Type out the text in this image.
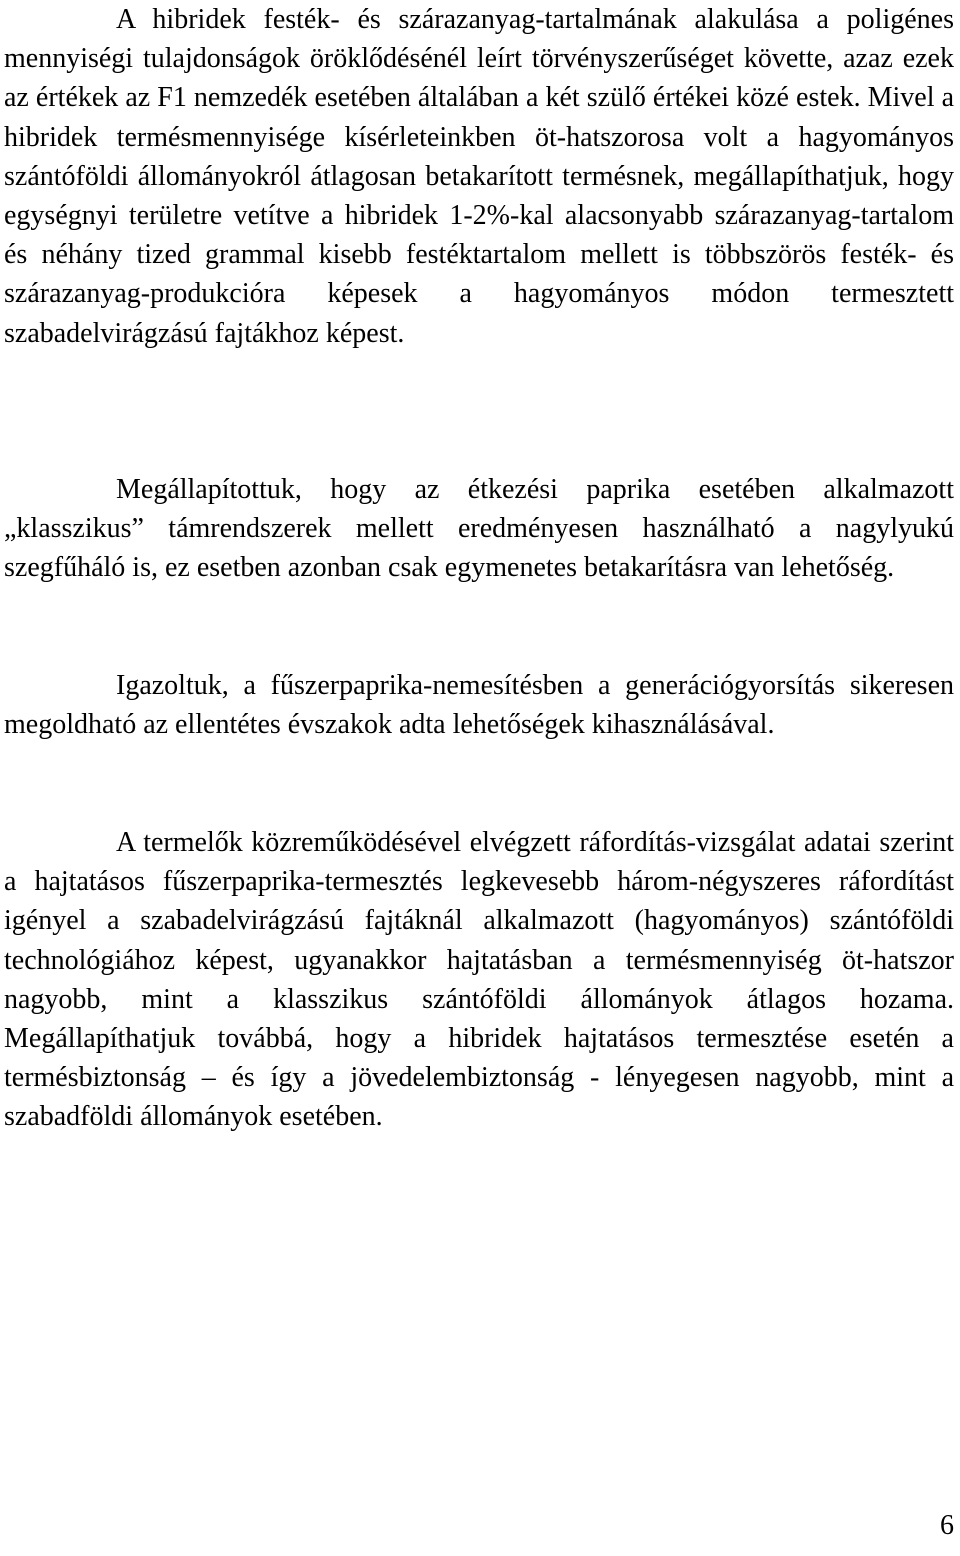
A hibridek festék- és szárazanyag-tartalmának alakulása a poligénes mennyiségi tulajdonságok öröklődésénél leírt törvényszerűséget követte, azaz ezek az értékek az F1 nemzedék esetében általában a két szülő értékei közé estek. Mivel a hibridek termésmennyisége kísérleteinkben öt-hatszorosa volt a hagyományos szántóföldi állományokról átlagosan betakarított termésnek, megállapíthatjuk, hogy egységnyi területre vetítve a hibridek 1-2%-kal alacsonyabb szárazanyag-tartalom és néhány tized grammal kisebb festéktartalom mellett is többszörös festék- és szárazanyag-produkcióra képesek a hagyományos módon termesztett szabadelvirágzású fajtákhoz képest.

Megállapítottuk, hogy az étkezési paprika esetében alkalmazott „klasszikus” támrendszerek mellett eredményesen használható a nagylyukú szegfűháló is, ez esetben azonban csak egymenetes betakarításra van lehetőség.

Igazoltuk, a fűszerpaprika-nemesítésben a generációgyorsítás sikeresen megoldható az ellentétes évszakok adta lehetőségek kihasználásával.

A termelők közreműködésével elvégzett ráfordítás-vizsgálat adatai szerint a hajtatásos fűszerpaprika-termesztés legkevesebb három-négyszeres ráfordítást igényel a szabadelvirágzású fajtáknál alkalmazott (hagyományos) szántóföldi technológiához képest, ugyanakkor hajtatásban a termésmennyiség öt-hatszor nagyobb, mint a klasszikus szántóföldi állományok átlagos hozama. Megállapíthatjuk továbbá, hogy a hibridek hajtatásos termesztése esetén a termésbiztonság – és így a jövedelembiztonság - lényegesen nagyobb, mint a szabadföldi állományok esetében.

6
